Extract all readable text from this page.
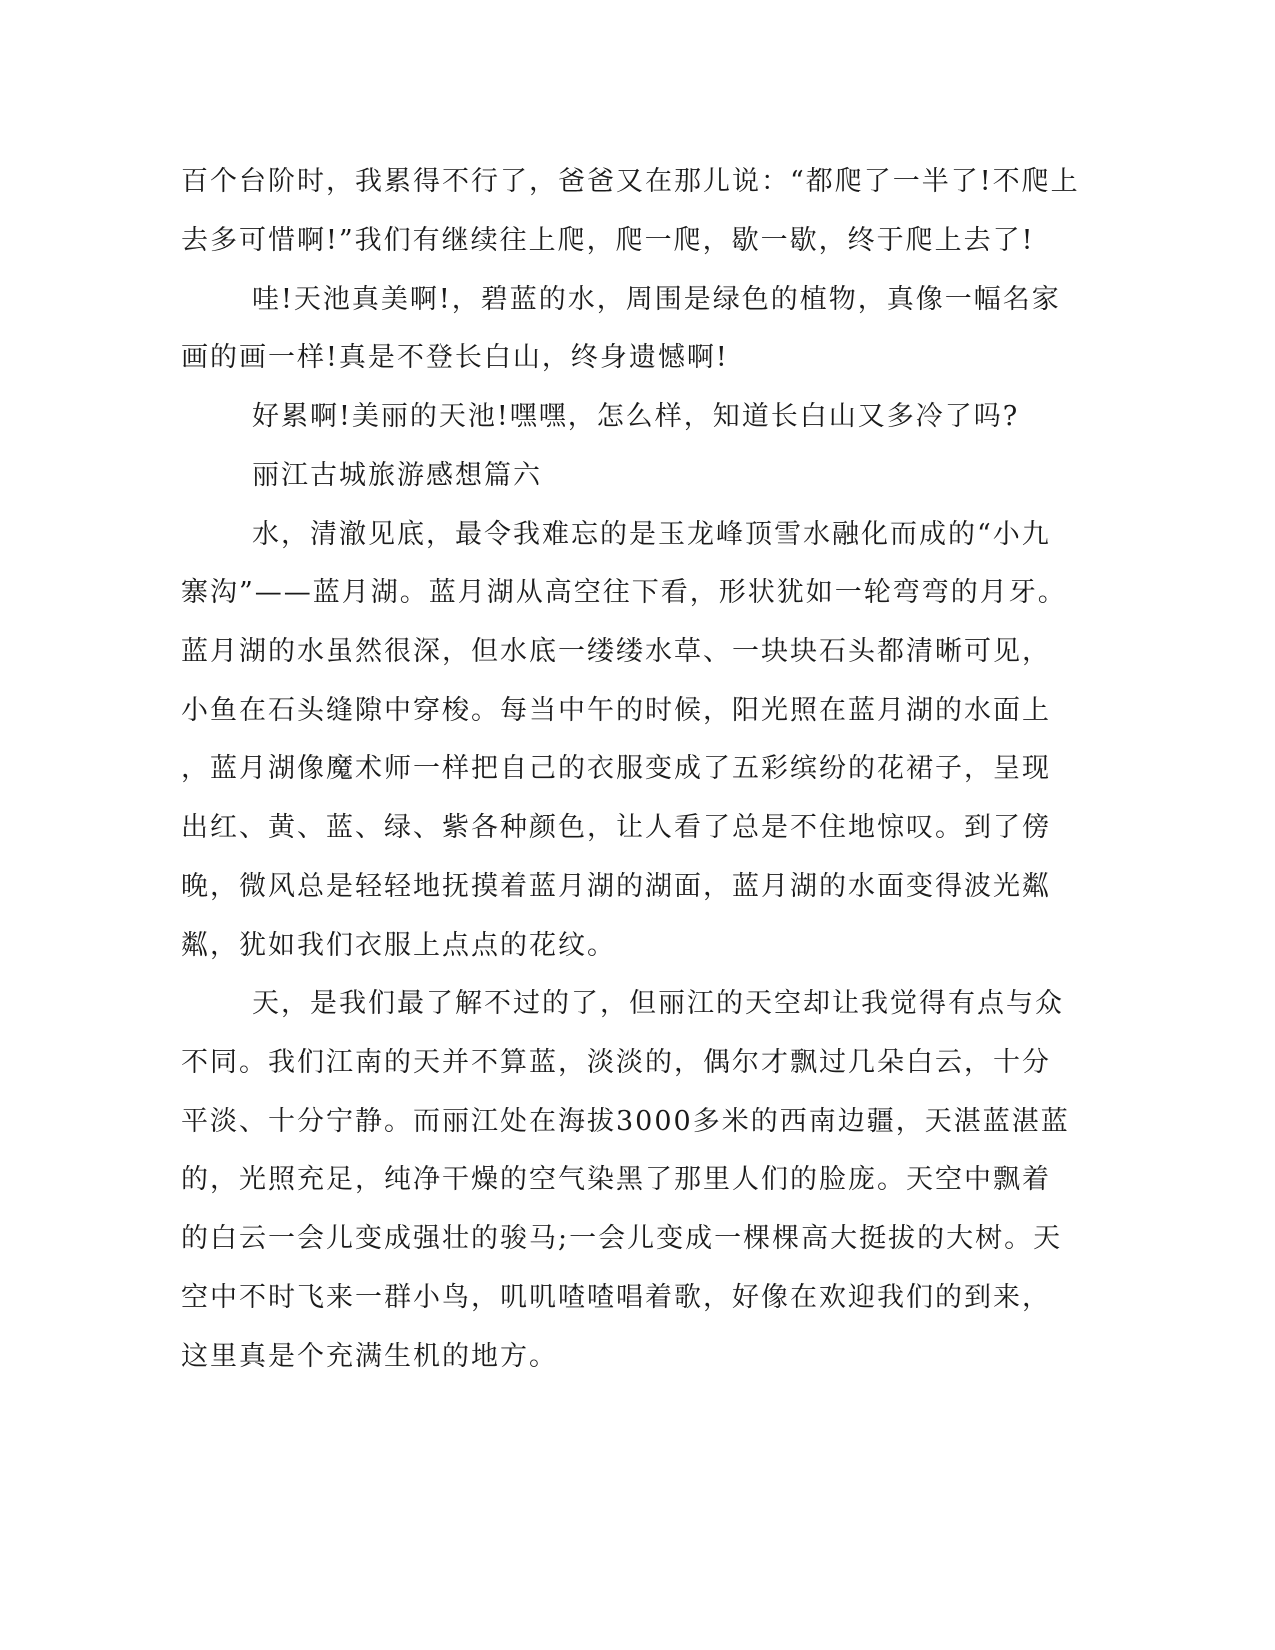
百个台阶时，我累得不行了，爸爸又在那儿说：“都爬了一半了!不爬上
去多可惜啊!”我们有继续往上爬，爬一爬，歇一歇，终于爬上去了!
哇!天池真美啊!，碧蓝的水，周围是绿色的植物，真像一幅名家
画的画一样!真是不登长白山，终身遗憾啊!
好累啊!美丽的天池!嘿嘿，怎么样，知道长白山又多冷了吗?
丽江古城旅游感想篇六
水，清澈见底，最令我难忘的是玉龙峰顶雪水融化而成的“小九
寨沟”——蓝月湖。蓝月湖从高空往下看，形状犹如一轮弯弯的月牙。
蓝月湖的水虽然很深，但水底一缕缕水草、一块块石头都清晰可见，
小鱼在石头缝隙中穿梭。每当中午的时候，阳光照在蓝月湖的水面上
，蓝月湖像魔术师一样把自己的衣服变成了五彩缤纷的花裙子，呈现
出红、黄、蓝、绿、紫各种颜色，让人看了总是不住地惊叹。到了傍
晚，微风总是轻轻地抚摸着蓝月湖的湖面，蓝月湖的水面变得波光粼
粼，犹如我们衣服上点点的花纹。
天，是我们最了解不过的了，但丽江的天空却让我觉得有点与众
不同。我们江南的天并不算蓝，淡淡的，偶尔才飘过几朵白云，十分
平淡、十分宁静。而丽江处在海拔3000多米的西南边疆，天湛蓝湛蓝
的，光照充足，纯净干燥的空气染黑了那里人们的脸庞。天空中飘着
的白云一会儿变成强壮的骏马;一会儿变成一棵棵高大挺拔的大树。天
空中不时飞来一群小鸟，叽叽喳喳唱着歌，好像在欢迎我们的到来，
这里真是个充满生机的地方。
